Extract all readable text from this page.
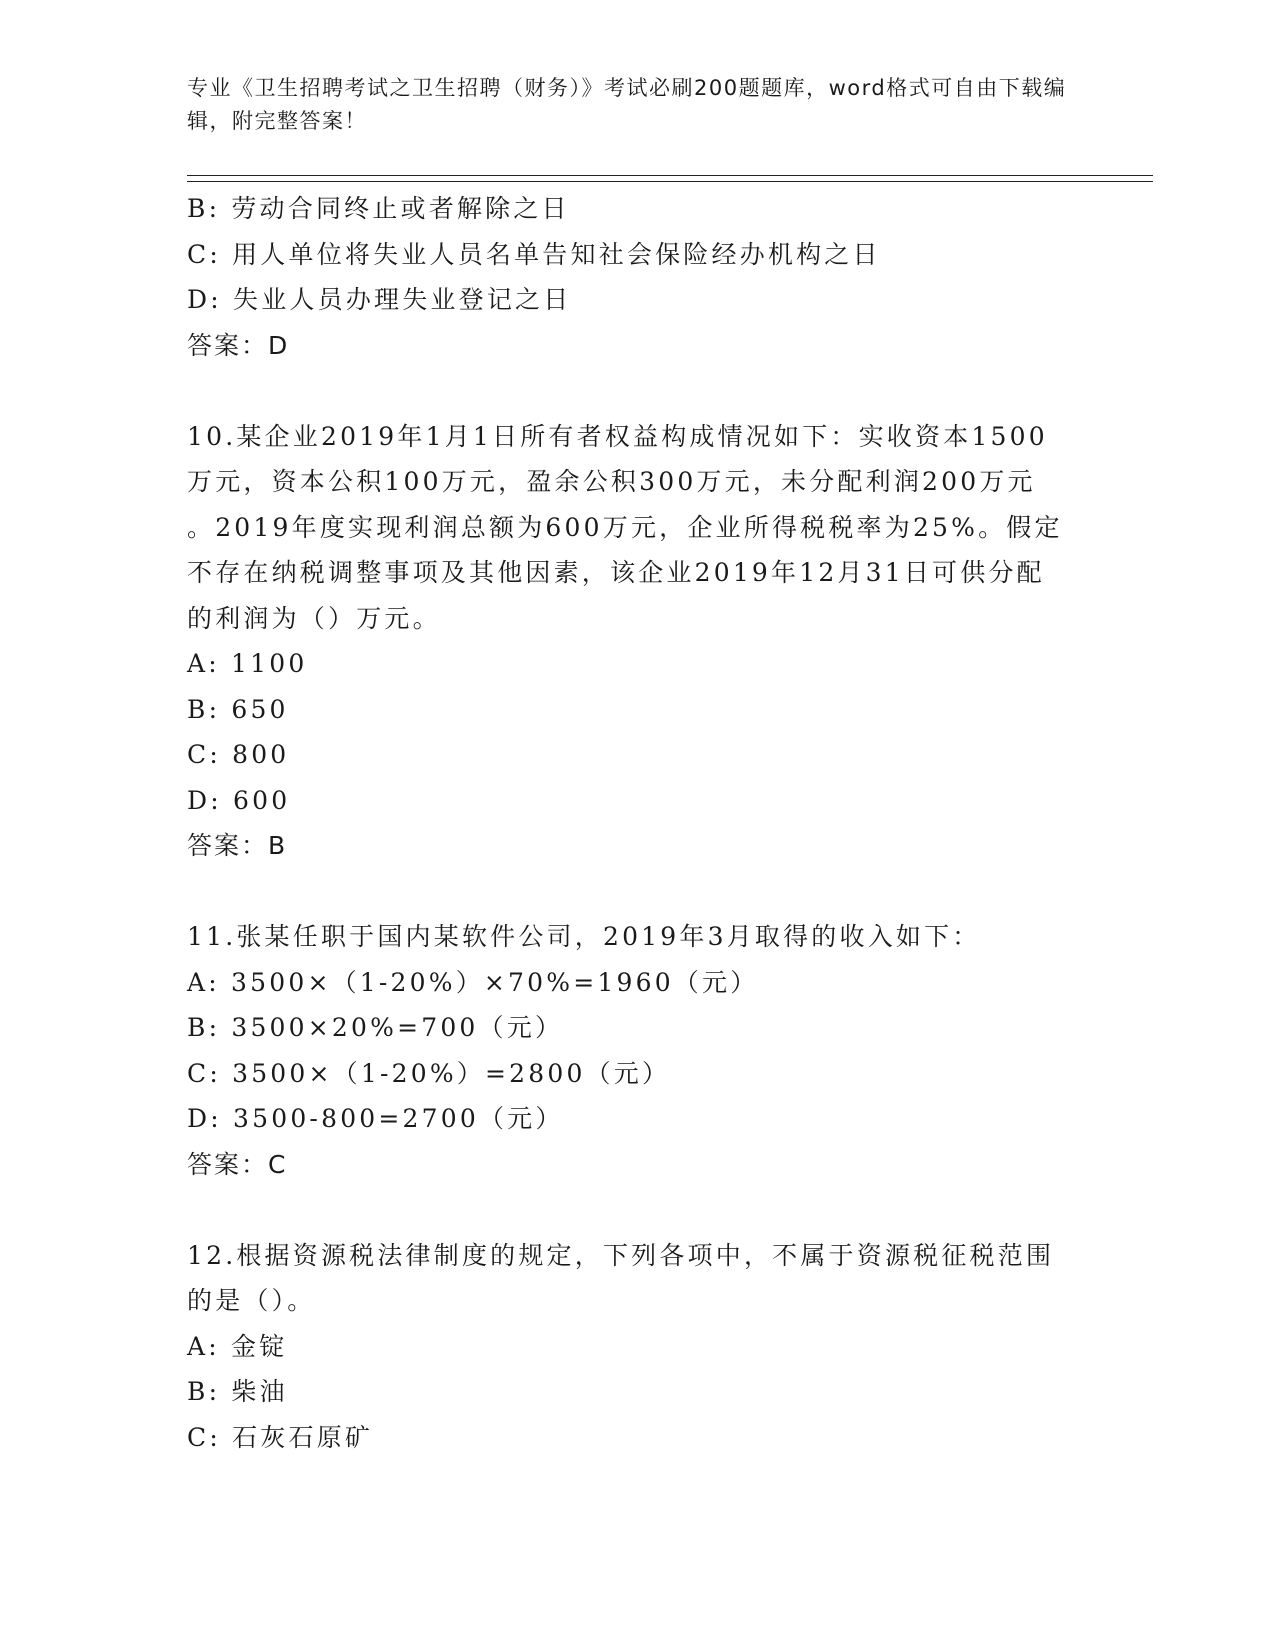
专业《卫生招聘考试之卫生招聘（财务）》考试必刷200题题库，word格式可自由下载编辑，附完整答案！
B: 劳动合同终止或者解除之日
C: 用人单位将失业人员名单告知社会保险经办机构之日
D: 失业人员办理失业登记之日
答案：D
10.某企业2019年1月1日所有者权益构成情况如下：实收资本1500
万元，资本公积100万元，盈余公积300万元，未分配利润200万元
。2019年度实现利润总额为600万元，企业所得税税率为25%。假定
不存在纳税调整事项及其他因素，该企业2019年12月31日可供分配
的利润为（）万元。
A: 1100
B: 650
C: 800
D: 600
答案：B
11.张某任职于国内某软件公司，2019年3月取得的收入如下：
A: 3500×（1-20%）×70%=1960（元）
B: 3500×20%=700（元）
C: 3500×（1-20%）=2800（元）
D: 3500-800=2700（元）
答案：C
12.根据资源税法律制度的规定，下列各项中，不属于资源税征税范围
的是（）。
A: 金锭
B: 柴油
C: 石灰石原矿
